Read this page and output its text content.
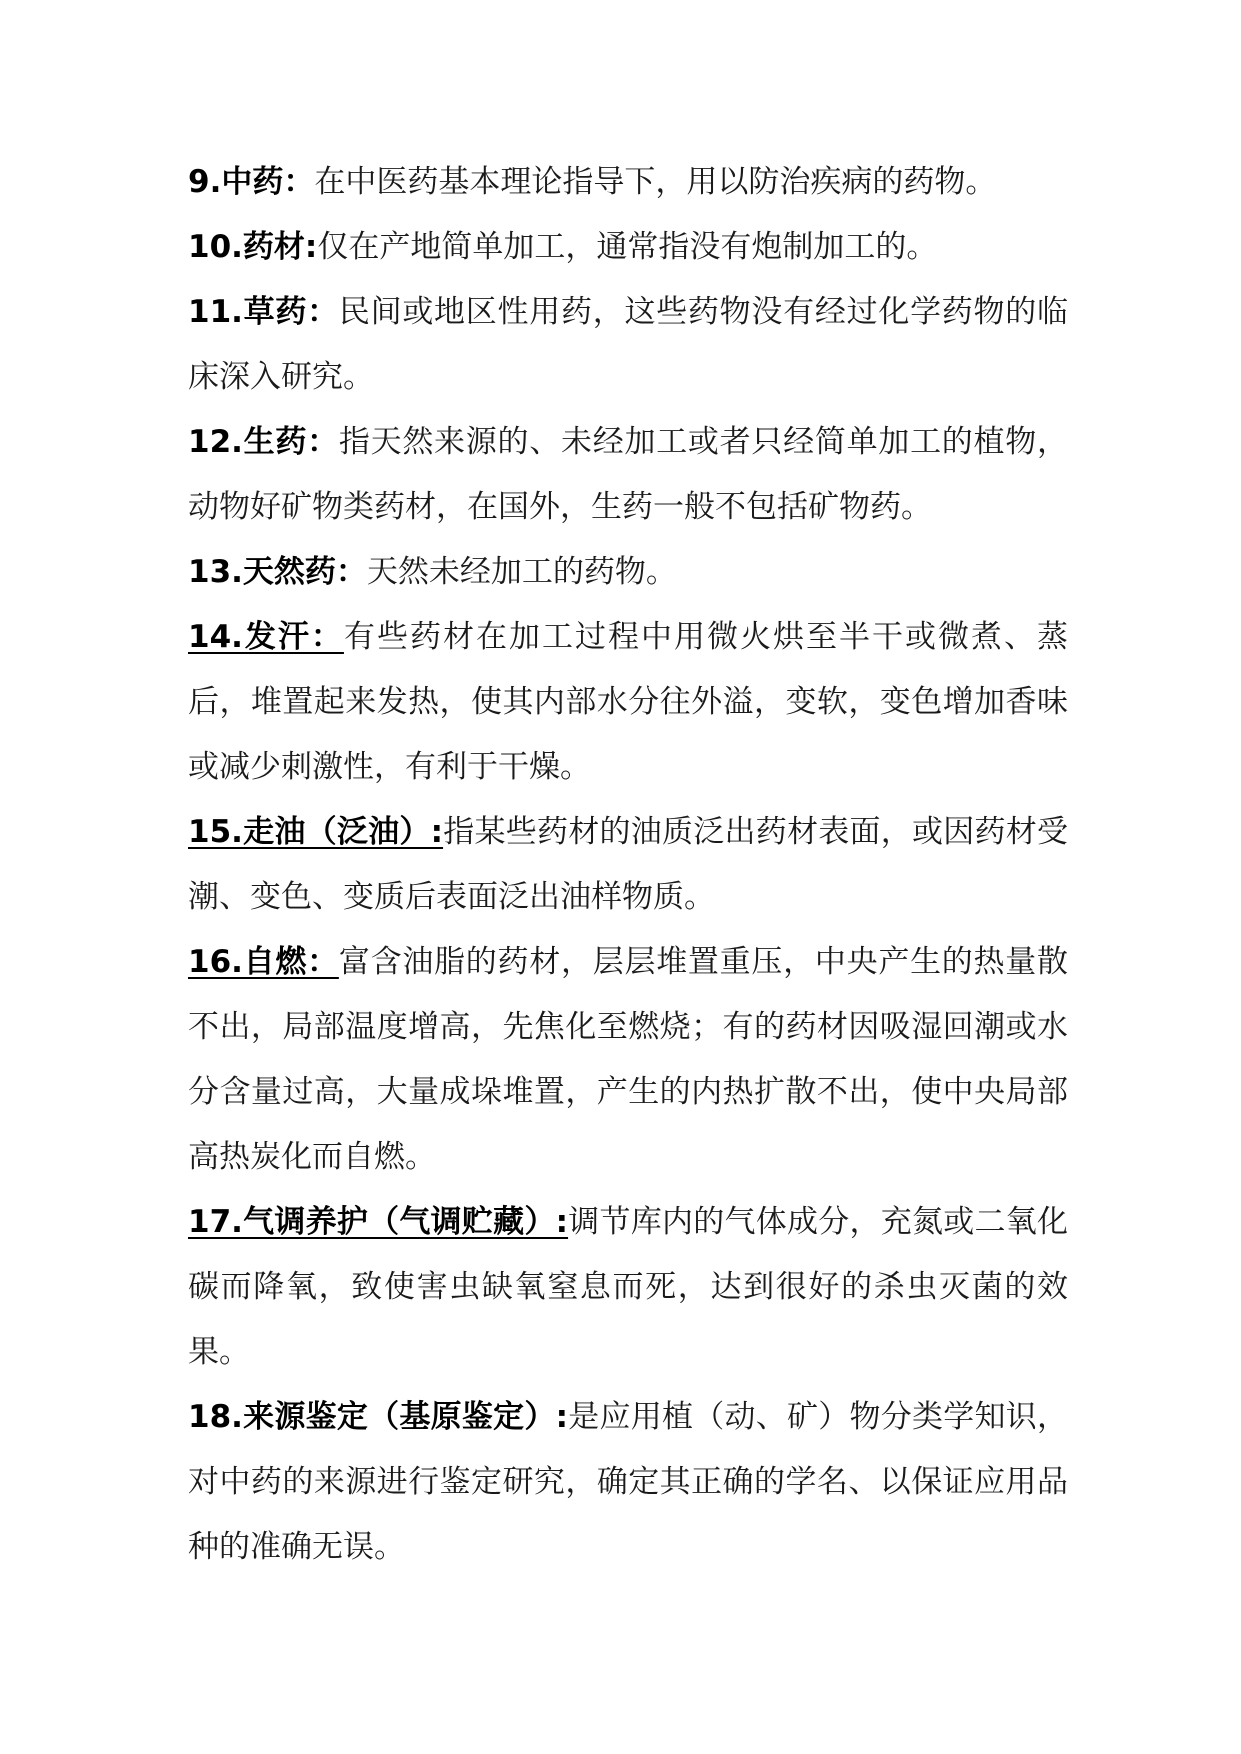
9.中药：在中医药基本理论指导下，用以防治疾病的药物。

10.药材:仅在产地简单加工，通常指没有炮制加工的。

11.草药：民间或地区性用药，这些药物没有经过化学药物的临床深入研究。

12.生药：指天然来源的、未经加工或者只经简单加工的植物，动物好矿物类药材，在国外，生药一般不包括矿物药。

13.天然药：天然未经加工的药物。

14.发汗：有些药材在加工过程中用微火烘至半干或微煮、蒸后，堆置起来发热，使其内部水分往外溢，变软，变色增加香味或减少刺激性，有利于干燥。

15.走油（泛油）:指某些药材的油质泛出药材表面，或因药材受潮、变色、变质后表面泛出油样物质。

16.自燃：富含油脂的药材，层层堆置重压，中央产生的热量散不出，局部温度增高，先焦化至燃烧；有的药材因吸湿回潮或水分含量过高，大量成垛堆置，产生的内热扩散不出，使中央局部高热炭化而自燃。

17.气调养护（气调贮藏）:调节库内的气体成分，充氮或二氧化碳而降氧，致使害虫缺氧窒息而死，达到很好的杀虫灭菌的效果。

18.来源鉴定（基原鉴定）:是应用植（动、矿）物分类学知识，对中药的来源进行鉴定研究，确定其正确的学名、以保证应用品种的准确无误。
